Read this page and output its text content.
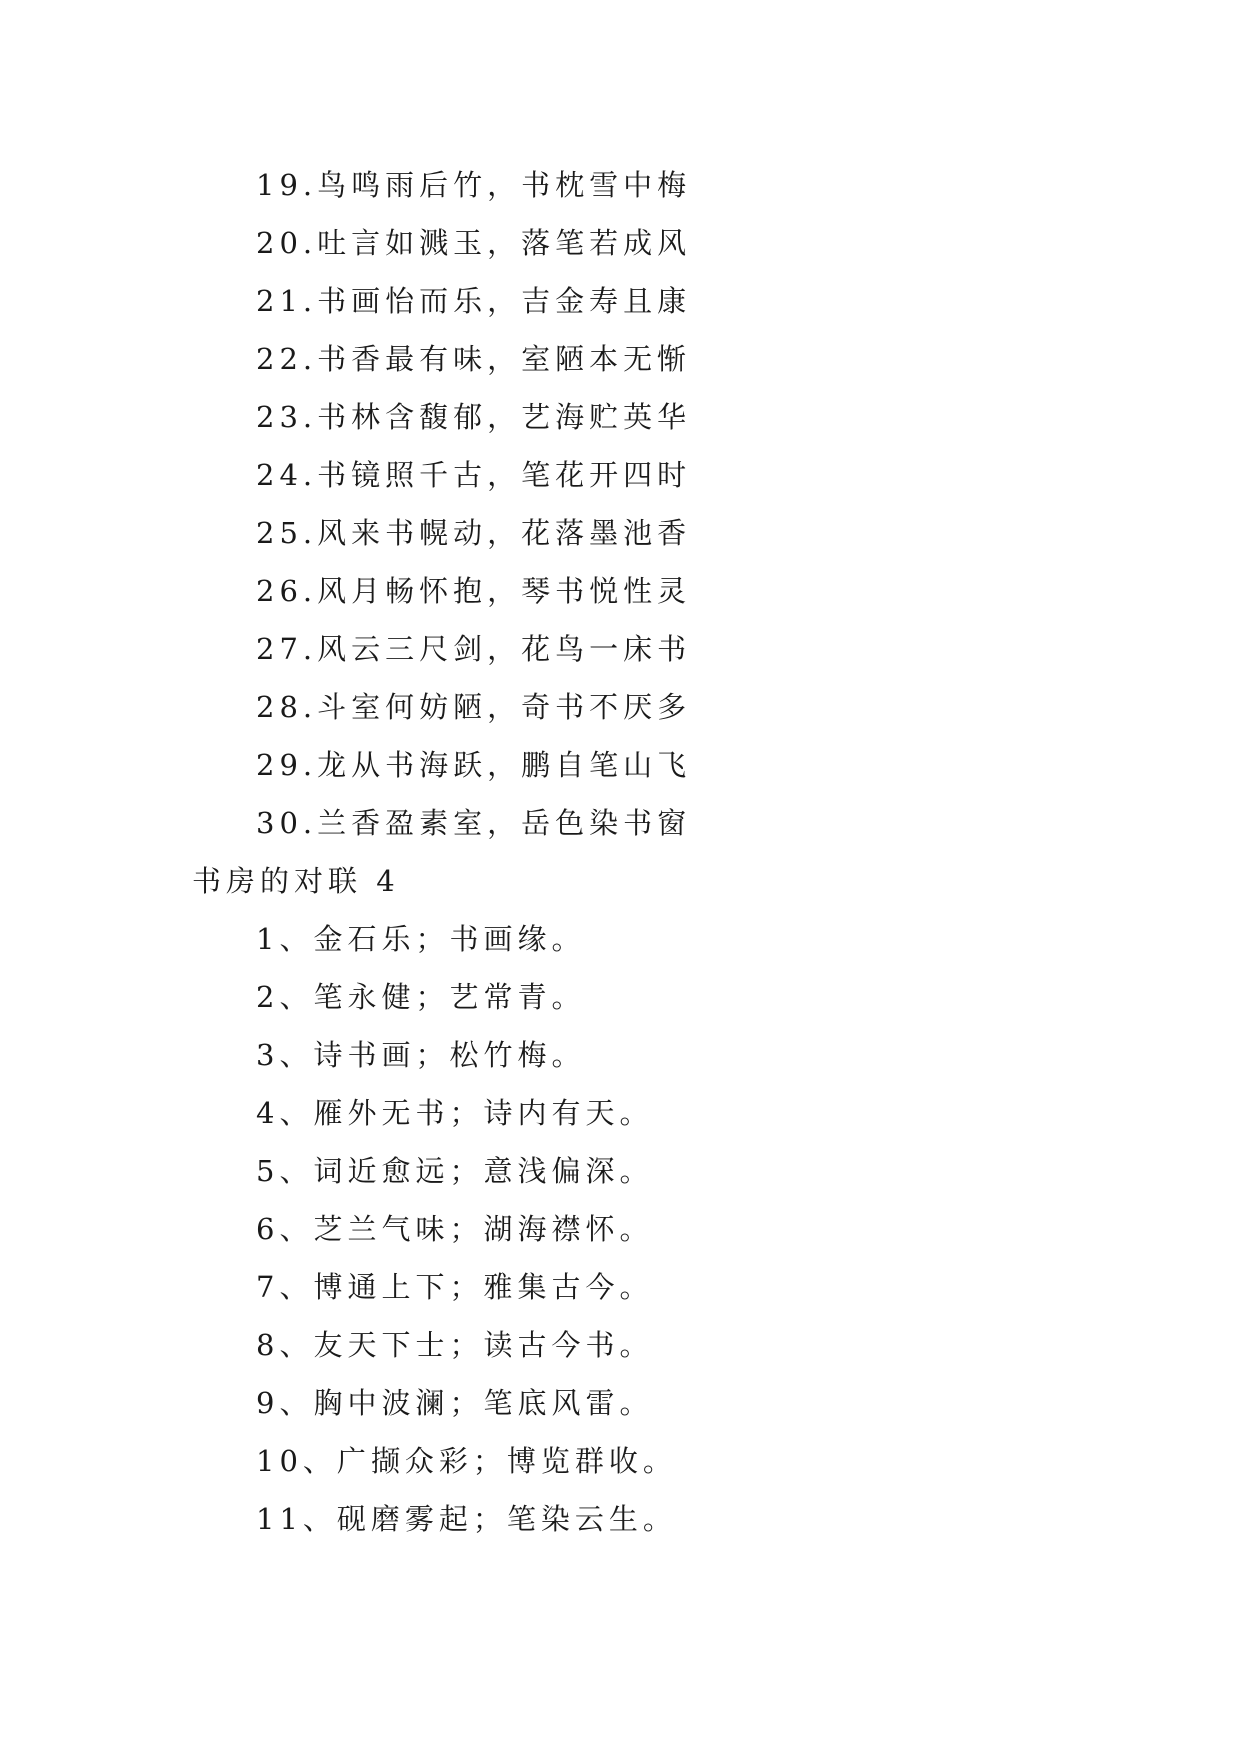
19.鸟鸣雨后竹，书枕雪中梅
20.吐言如溅玉，落笔若成风
21.书画怡而乐，吉金寿且康
22.书香最有味，室陋本无惭
23.书林含馥郁，艺海贮英华
24.书镜照千古，笔花开四时
25.风来书幌动，花落墨池香
26.风月畅怀抱，琴书悦性灵
27.风云三尺剑，花鸟一床书
28.斗室何妨陋，奇书不厌多
29.龙从书海跃，鹏自笔山飞
30.兰香盈素室，岳色染书窗
书房的对联 4
1、金石乐；书画缘。
2、笔永健；艺常青。
3、诗书画；松竹梅。
4、雁外无书；诗内有天。
5、词近愈远；意浅偏深。
6、芝兰气味；湖海襟怀。
7、博通上下；雅集古今。
8、友天下士；读古今书。
9、胸中波澜；笔底风雷。
10、广撷众彩；博览群收。
11、砚磨雾起；笔染云生。
